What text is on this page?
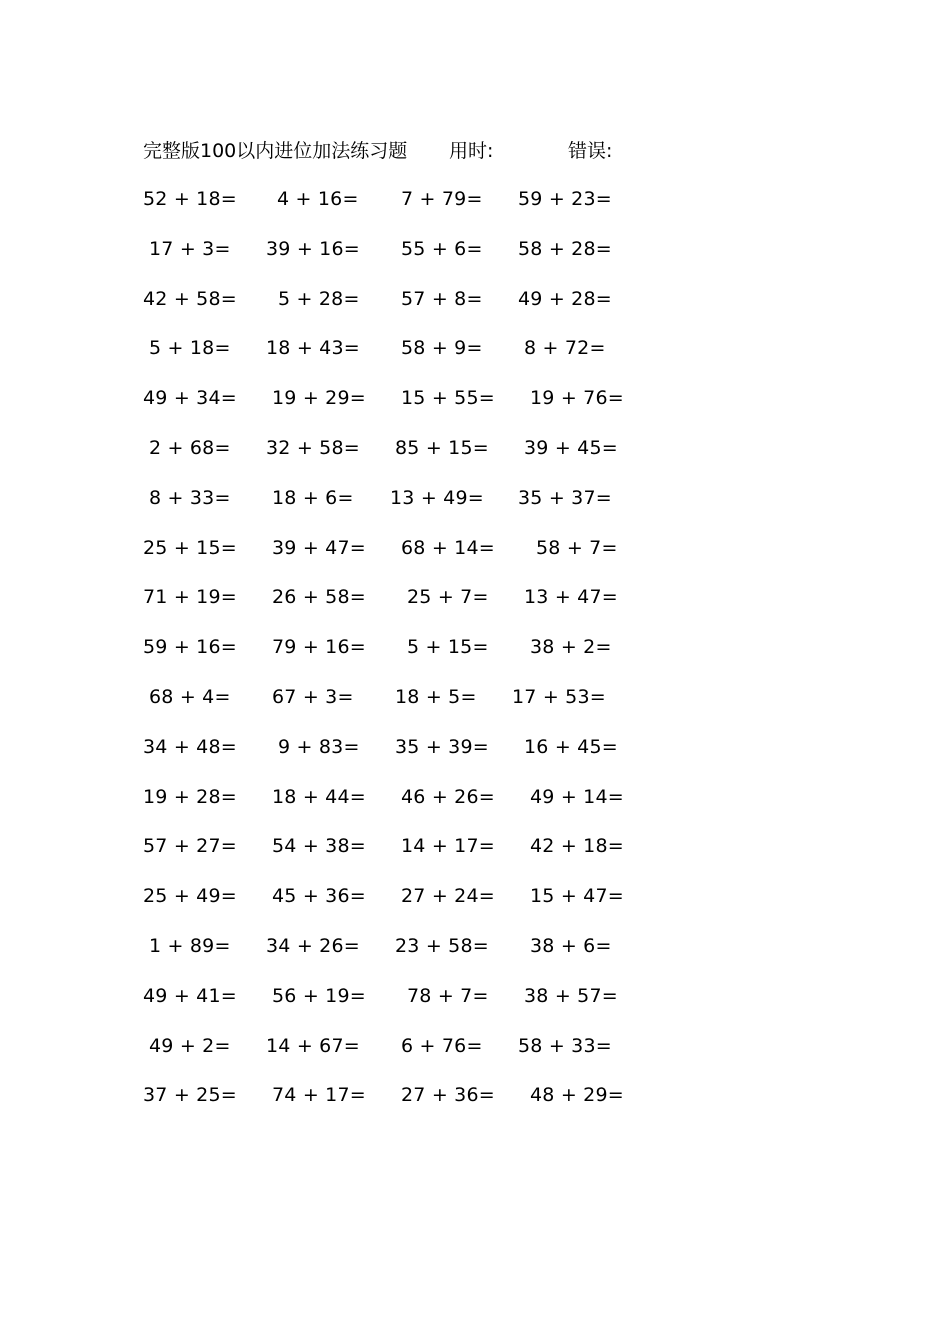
完整版100以内进位加法练习题 用时:	错误:
52 + 18= 4 + 16= 7 + 79= 59 + 23=
17 + 3= 39 + 16= 55 + 6= 58 + 28=
42 + 58= 5 + 28= 57 + 8= 49 + 28=
5 + 18= 18 + 43= 58 + 9= 8 + 72=
49 + 34= 19 + 29= 15 + 55= 19 + 76=
2 + 68= 32 + 58= 85 + 15= 39 + 45=
8 + 33= 18 + 6= 13 + 49= 35 + 37=
25 + 15= 39 + 47= 68 + 14= 58 + 7=
71 + 19= 26 + 58= 25 + 7= 13 + 47=
59 + 16= 79 + 16= 5 + 15= 38 + 2=
68 + 4= 67 + 3= 18 + 5= 17 + 53=
34 + 48= 9 + 83= 35 + 39= 16 + 45=
19 + 28= 18 + 44= 46 + 26= 49 + 14=
57 + 27= 54 + 38= 14 + 17= 42 + 18=
25 + 49= 45 + 36= 27 + 24= 15 + 47=
1 + 89= 34 + 26= 23 + 58= 38 + 6=
49 + 41= 56 + 19= 78 + 7= 38 + 57=
49 + 2= 14 + 67= 6 + 76= 58 + 33=
37 + 25= 74 + 17= 27 + 36= 48 + 29=
